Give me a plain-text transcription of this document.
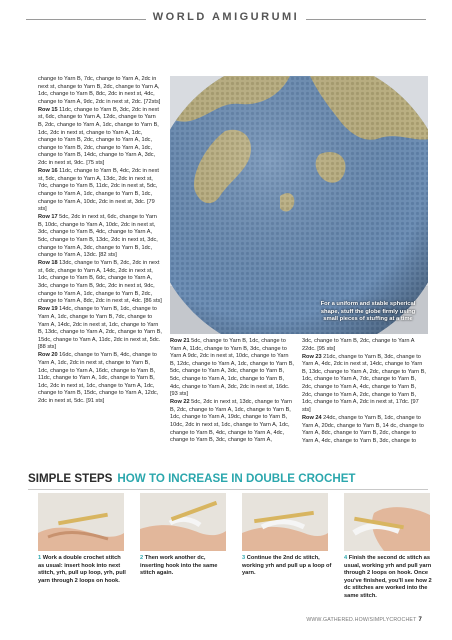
WORLD AMIGURUMI

change to Yarn B, 7dc, change to Yarn A, 2dc in next st, change to Yarn B, 2dc, change to Yarn A, 1dc, change to Yarn B, 8dc, 2dc in next st, 4dc, change to Yarn A, 9dc, 2dc in next st, 2dc. [72sts]

Row 15 11dc, change to Yarn B, 3dc, 2dc in next st, 6dc, change to Yarn A, 12dc, change to Yarn B, 2dc, change to Yarn A, 1dc, change to Yarn B, 1dc, 2dc in next st, change to Yarn A, 1dc, change to Yarn B, 2dc, change to Yarn A, 1dc, change to Yarn B, 2dc, change to Yarn A, 1dc, change to Yarn B, 14dc, change to Yarn A, 3dc, 2dc in next st, 9dc. [75 sts]

Row 16 11dc, change to Yarn B, 4dc, 2dc in next st, 5dc, change to Yarn A, 13dc, 2dc in next st, 7dc, change to Yarn B, 11dc, 2dc in next st, 5dc, change to Yarn A, 1dc, change to Yarn B, 1dc, change to Yarn A, 10dc, 2dc in next st, 3dc. [79 sts]

Row 17 5dc, 2dc in next st, 6dc, change to Yarn B, 10dc, change to Yarn A, 10dc, 2dc in next st, 3dc, change to Yarn B, 4dc, change to Yarn A, 5dc, change to Yarn B, 13dc, 2dc in next st, 3dc, change to Yarn A, 3dc, change to Yarn B, 1dc, change to Yarn A, 13dc. [82 sts]

Row 18 13dc, change to Yarn B, 2dc, 2dc in next st, 6dc, change to Yarn A, 14dc, 2dc in next st, 1dc, change to Yarn B, 6dc, change to Yarn A, 3dc, change to Yarn B, 9dc, 2dc in next st, 9dc, change to Yarn A, 1dc, change to Yarn B, 2dc, change to Yarn A, 8dc, 2dc in next st, 4dc. [86 sts]

Row 19 14dc, change to Yarn B, 1dc, change to Yarn A, 1dc, change to Yarn B, 7dc, change to Yarn A, 14dc, 2dc in next st, 1dc, change to Yarn B, 13dc, change to Yarn A, 2dc, change to Yarn B, 15dc, change to Yarn A, 11dc, 2dc in next st, 5dc. [88 sts]

Row 20 16dc, change to Yarn B, 4dc, change to Yarn A, 1dc, 2dc in next st, change to Yarn B, 1dc, change to Yarn A, 16dc, change to Yarn B, 11dc, change to Yarn A, 1dc, change to Yarn B, 1dc, 2dc in next st, 1dc, change to Yarn A, 1dc, change to Yarn B, 15dc, change to Yarn A, 12dc, 2dc in next st, 5dc. [91 sts]

For a uniform and stable spherical shape, stuff the globe firmly using small pieces of stuffing at a time

Row 21 5dc, change to Yarn B, 1dc, change to Yarn A, 11dc, change to Yarn B, 3dc, change to Yarn A 9dc, 2dc in next st, 10dc, change to Yarn B, 12dc, change to Yarn A, 1dc, change to Yarn B, 5dc, change to Yarn A, 3dc, change to Yarn B, 5dc, change to Yarn A, 1dc, change to Yarn B, 4dc, change to Yarn A, 3dc, 2dc in next st, 16dc. [93 sts]

Row 22 5dc, 2dc in next st, 13dc, change to Yarn B, 2dc, change to Yarn A, 1dc, change to Yarn B, 1dc, change to Yarn A, 19dc, change to Yarn B, 10dc, 2dc in next st, 1dc, change to Yarn A, 1dc, change to Yarn B, 4dc, change to Yarn A, 4dc, change to Yarn B, 3dc, change to Yarn A,

3dc, change to Yarn B, 2dc, change to Yarn A 22dc. [95 sts]

Row 23 21dc, change to Yarn B, 3dc, change to Yarn A, 4dc, 2dc in next st, 14dc, change to Yarn B, 13dc, change to Yarn A, 2dc, change to Yarn B, 1dc, change to Yarn A, 7dc, change to Yarn B, 2dc, change to Yarn A, 4dc, change to Yarn B, 2dc, change to Yarn A, 2dc, change to Yarn B, 1dc, change to Yarn A, 2dc in next st, 17dc. [97 sts]

Row 24 24dc, change to Yarn B, 1dc, change to Yarn A, 20dc, change to Yarn B, 14 dc, change to Yarn A, 8dc, change to Yarn B, 2dc, change to Yarn A, 4dc, change to Yarn B, 3dc, change to

SIMPLE STEPS HOW TO INCREASE IN DOUBLE CROCHET
1 Work a double crochet stitch as usual: insert hook into next stitch, yrh, pull up loop, yrh, pull yarn through 2 loops on hook.
2 Then work another dc, inserting hook into the same stitch again.
3 Continue the 2nd dc stitch, working yrh and pull up a loop of yarn.
4 Finish the second dc stitch as usual, working yrh and pull yarn through 2 loops on hook. Once you've finished, you'll see how 2 dc stitches are worked into the same stitch.
WWW.GATHERED.HOW/SIMPLYCROCHET 7
